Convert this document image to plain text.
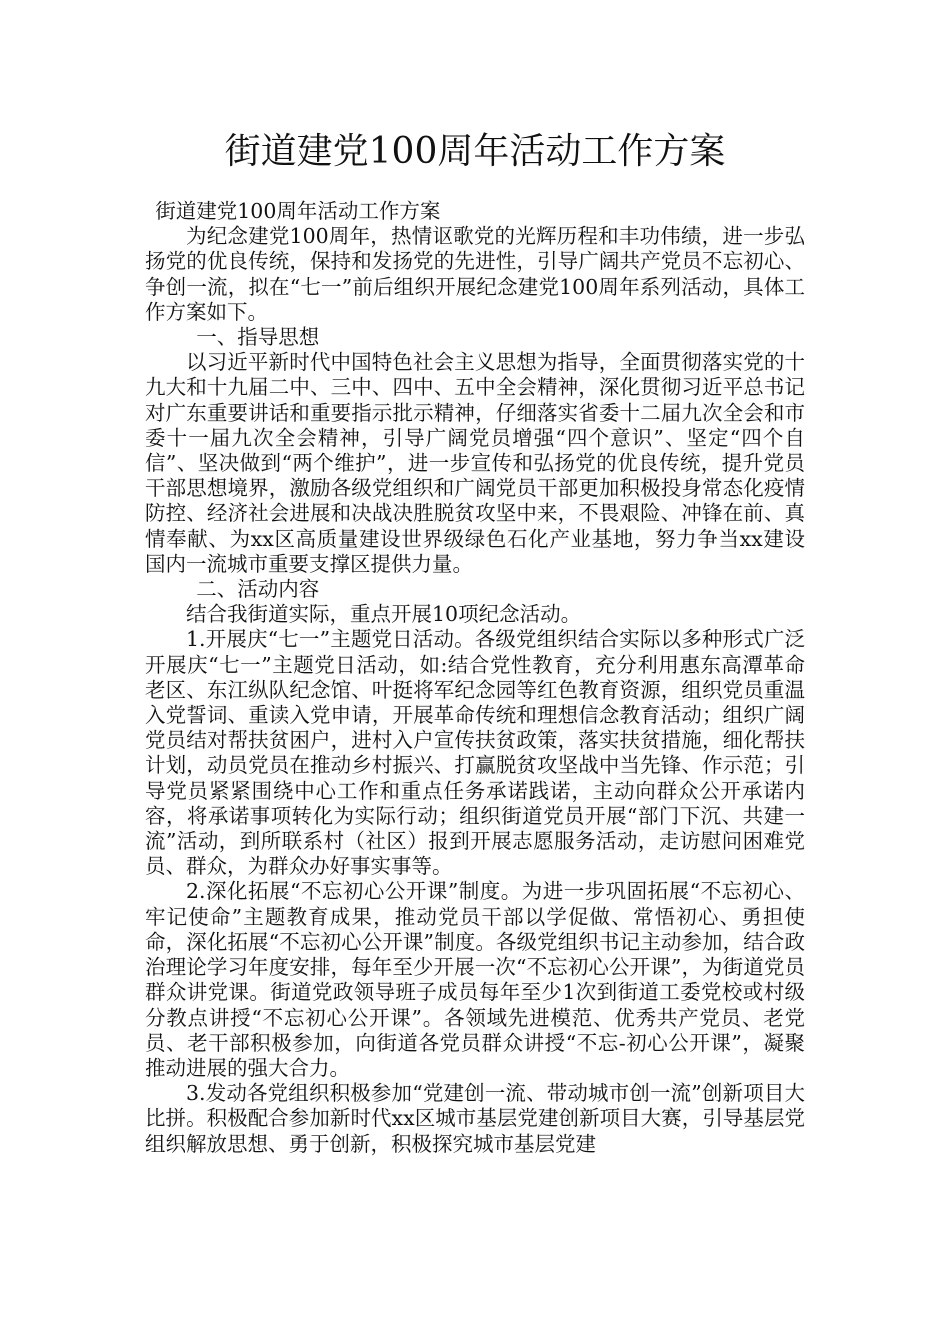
街道建党100周年活动工作方案

街道建党100周年活动工作方案

为纪念建党100周年，热情讴歌党的光辉历程和丰功伟绩，进一步弘扬党的优良传统，保持和发扬党的先进性，引导广阔共产党员不忘初心、争创一流，拟在“七一”前后组织开展纪念建党100周年系列活动，具体工作方案如下。

一、指导思想

以习近平新时代中国特色社会主义思想为指导，全面贯彻落实党的十九大和十九届二中、三中、四中、五中全会精神，深化贯彻习近平总书记对广东重要讲话和重要指示批示精神，仔细落实省委十二届九次全会和市委十一届九次全会精神，引导广阔党员增强“四个意识”、坚定“四个自信”、坚决做到“两个维护”，进一步宣传和弘扬党的优良传统，提升党员干部思想境界，激励各级党组织和广阔党员干部更加积极投身常态化疫情防控、经济社会进展和决战决胜脱贫攻坚中来，不畏艰险、冲锋在前、真情奉献、为xx区高质量建设世界级绿色石化产业基地，努力争当xx建设国内一流城市重要支撑区提供力量。

二、活动内容

结合我街道实际，重点开展10项纪念活动。

1.开展庆“七一”主题党日活动。各级党组织结合实际以多种形式广泛开展庆“七一”主题党日活动，如:结合党性教育，充分利用惠东高潭革命老区、东江纵队纪念馆、叶挺将军纪念园等红色教育资源，组织党员重温入党誓词、重读入党申请，开展革命传统和理想信念教育活动；组织广阔党员结对帮扶贫困户，进村入户宣传扶贫政策，落实扶贫措施，细化帮扶计划，动员党员在推动乡村振兴、打赢脱贫攻坚战中当先锋、作示范；引导党员紧紧围绕中心工作和重点任务承诺践诺，主动向群众公开承诺内容，将承诺事项转化为实际行动；组织街道党员开展“部门下沉、共建一流”活动，到所联系村（社区）报到开展志愿服务活动，走访慰问困难党员、群众，为群众办好事实事等。

2.深化拓展“不忘初心公开课”制度。为进一步巩固拓展“不忘初心、牢记使命”主题教育成果，推动党员干部以学促做、常悟初心、勇担使命，深化拓展“不忘初心公开课”制度。各级党组织书记主动参加，结合政治理论学习年度安排，每年至少开展一次“不忘初心公开课”，为街道党员群众讲党课。街道党政领导班子成员每年至少1次到街道工委党校或村级分教点讲授“不忘初心公开课”。各领域先进模范、优秀共产党员、老党员、老干部积极参加，向街道各党员群众讲授“不忘-初心公开课”，凝聚推动进展的强大合力。

3.发动各党组织积极参加“党建创一流、带动城市创一流”创新项目大比拼。积极配合参加新时代xx区城市基层党建创新项目大赛，引导基层党组织解放思想、勇于创新，积极探究城市基层党建
